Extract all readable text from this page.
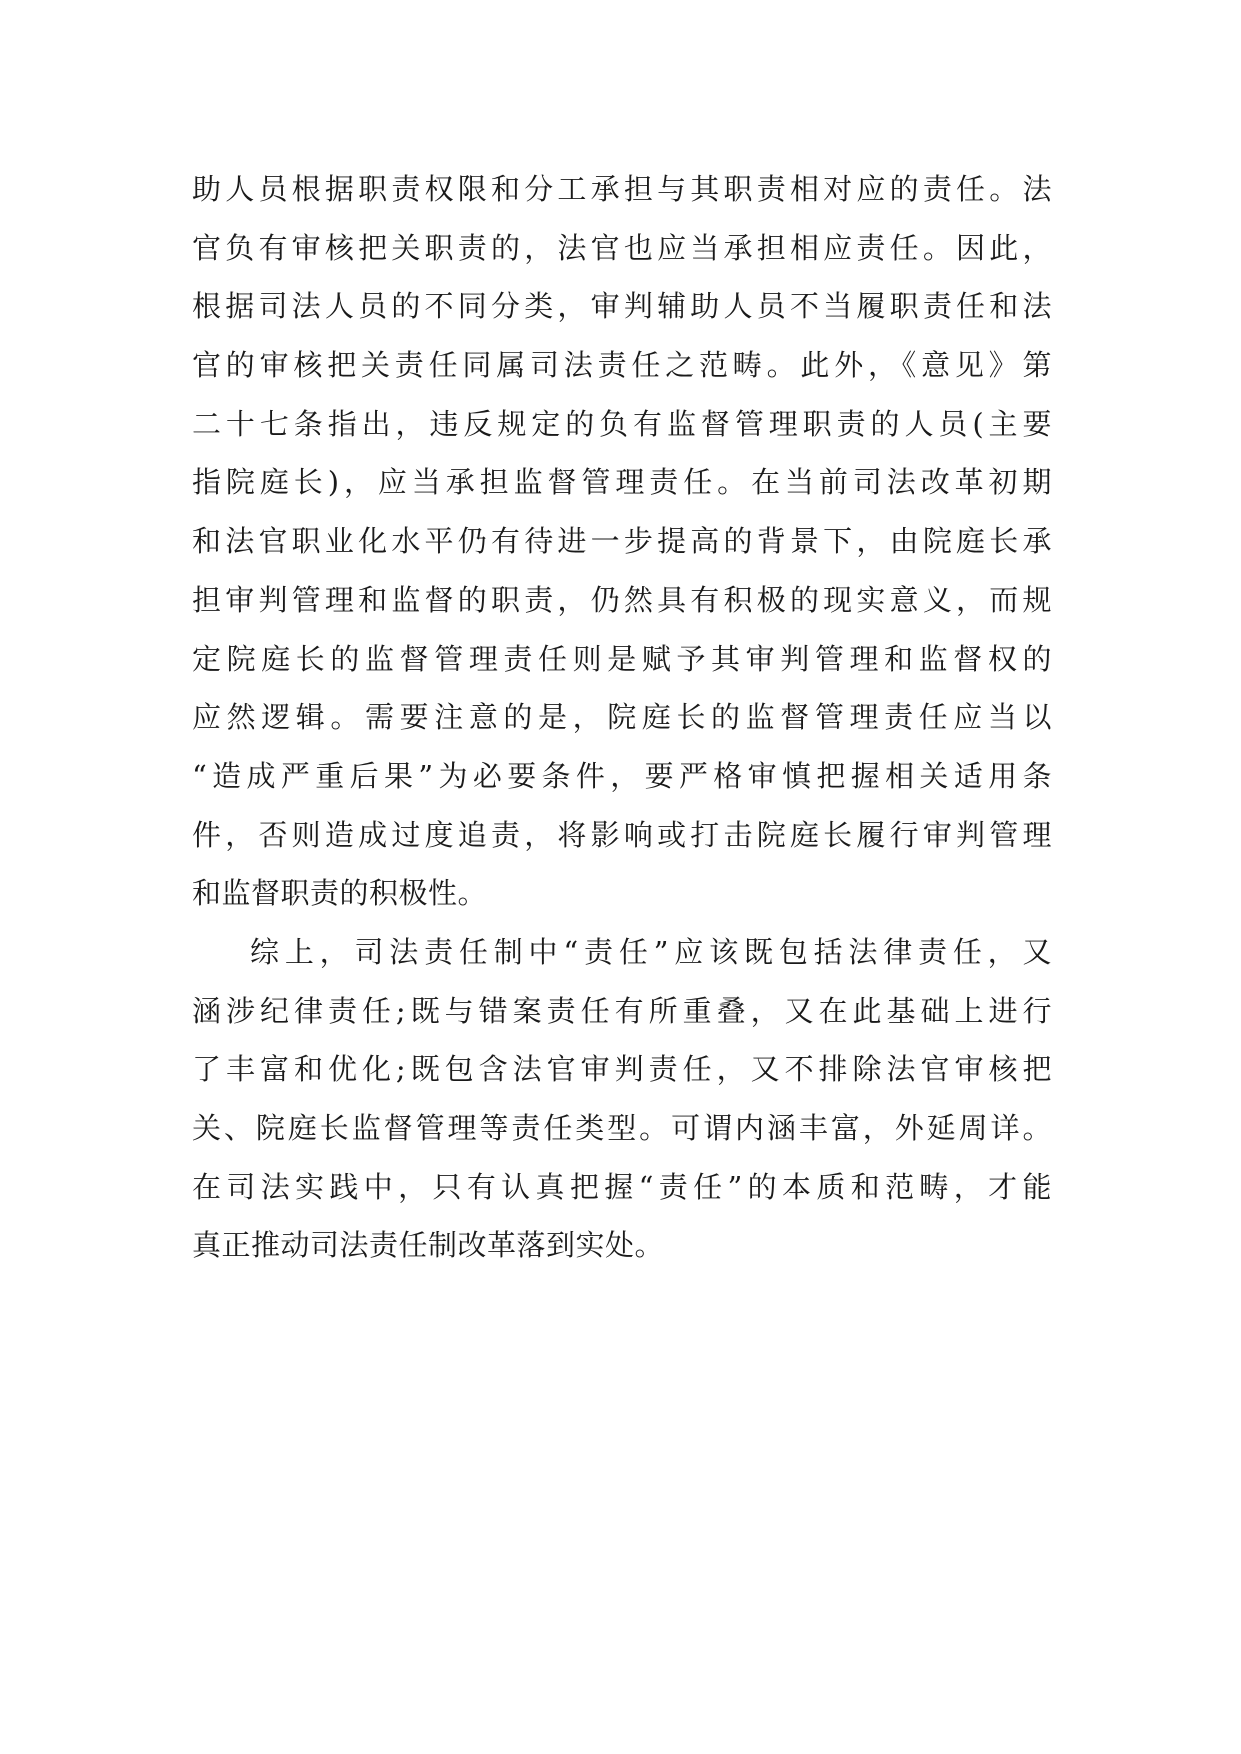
助人员根据职责权限和分工承担与其职责相对应的责任。法
官负有审核把关职责的，法官也应当承担相应责任。因此，
根据司法人员的不同分类，审判辅助人员不当履职责任和法
官的审核把关责任同属司法责任之范畴。此外，《意见》第
二十七条指出，违反规定的负有监督管理职责的人员(主要
指院庭长)，应当承担监督管理责任。在当前司法改革初期
和法官职业化水平仍有待进一步提高的背景下，由院庭长承
担审判管理和监督的职责，仍然具有积极的现实意义，而规
定院庭长的监督管理责任则是赋予其审判管理和监督权的
应然逻辑。需要注意的是，院庭长的监督管理责任应当以
“造成严重后果”为必要条件，要严格审慎把握相关适用条
件，否则造成过度追责，将影响或打击院庭长履行审判管理
和监督职责的积极性。
综上，司法责任制中“责任”应该既包括法律责任，又
涵涉纪律责任;既与错案责任有所重叠，又在此基础上进行
了丰富和优化;既包含法官审判责任，又不排除法官审核把
关、院庭长监督管理等责任类型。可谓内涵丰富，外延周详。
在司法实践中，只有认真把握“责任”的本质和范畴，才能
真正推动司法责任制改革落到实处。
